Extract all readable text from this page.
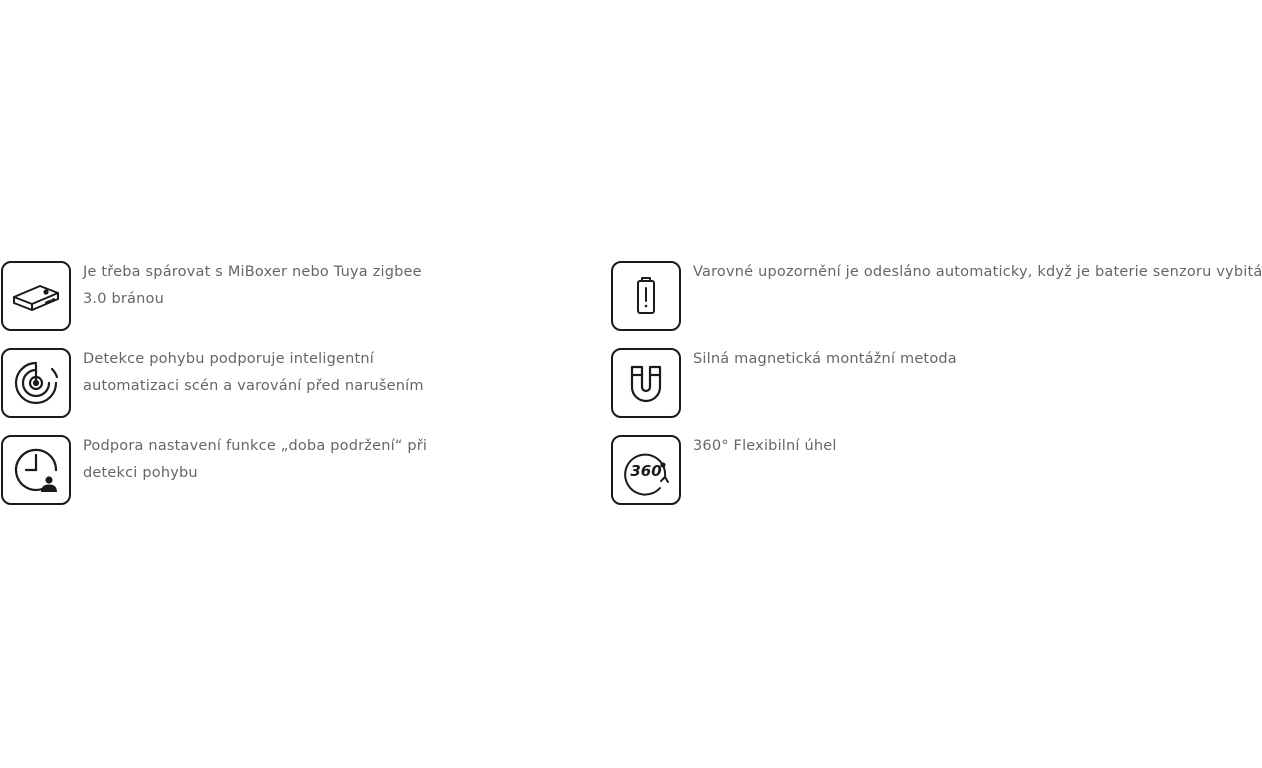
Je třeba spárovat s MiBoxer nebo Tuya zigbee 3.0 bránou
Detekce pohybu podporuje inteligentní automatizaci scén a varování před narušením
Podpora nastavení funkce „doba podržení“ při detekci pohybu
Varovné upozornění je odesláno automaticky, když je baterie senzoru vybitá
Silná magnetická montážní metoda
360
360° Flexibilní úhel
